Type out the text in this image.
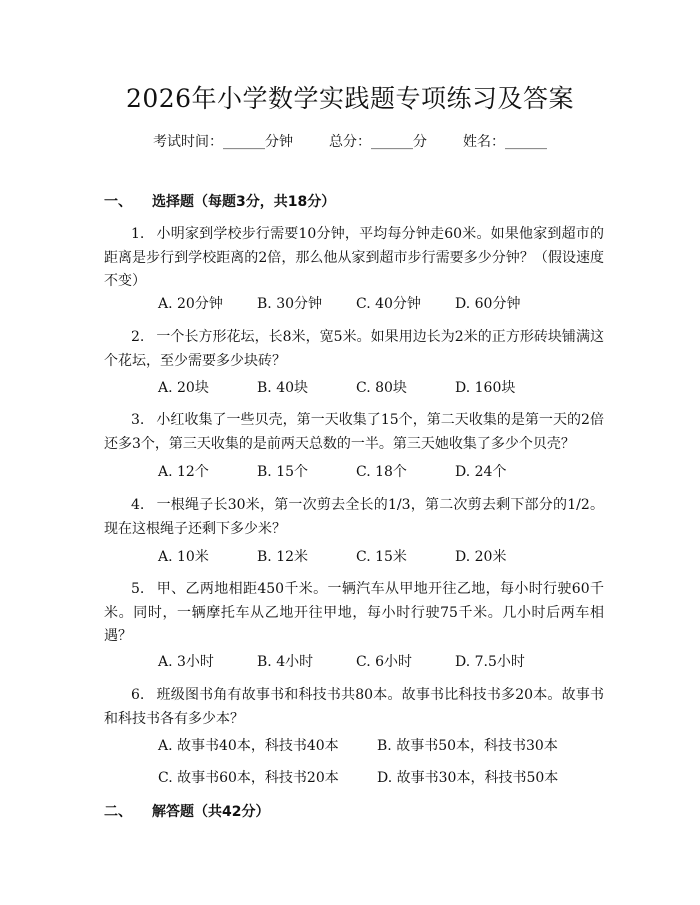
2026年小学数学实践题专项练习及答案
考试时间：______分钟	总分：______分	姓名：______
一、 选择题（每题3分，共18分）
1. 小明家到学校步行需要10分钟，平均每分钟走60米。如果他家到超市的距离是步行到学校距离的2倍，那么他从家到超市步行需要多少分钟？（假设速度不变）
A. 20分钟 B. 30分钟 C. 40分钟 D. 60分钟
2. 一个长方形花坛，长8米，宽5米。如果用边长为2米的正方形砖块铺满这个花坛，至少需要多少块砖？
A. 20块	B. 40块	C. 80块	D. 160块
3. 小红收集了一些贝壳，第一天收集了15个，第二天收集的是第一天的2倍还多3个，第三天收集的是前两天总数的一半。第三天她收集了多少个贝壳？
A. 12个	B. 15个	C. 18个	D. 24个
4. 一根绳子长30米，第一次剪去全长的1/3，第二次剪去剩下部分的1/2。现在这根绳子还剩下多少米？
A. 10米	B. 12米	C. 15米	D. 20米
5. 甲、乙两地相距450千米。一辆汽车从甲地开往乙地，每小时行驶60千米。同时，一辆摩托车从乙地开往甲地，每小时行驶75千米。几小时后两车相遇？
A. 3小时	B. 4小时	C. 6小时	D. 7.5小时
6. 班级图书角有故事书和科技书共80本。故事书比科技书多20本。故事书和科技书各有多少本？
A. 故事书40本，科技书40本	B. 故事书50本，科技书30本
C. 故事书60本，科技书20本	D. 故事书30本，科技书50本
二、 解答题（共42分）
